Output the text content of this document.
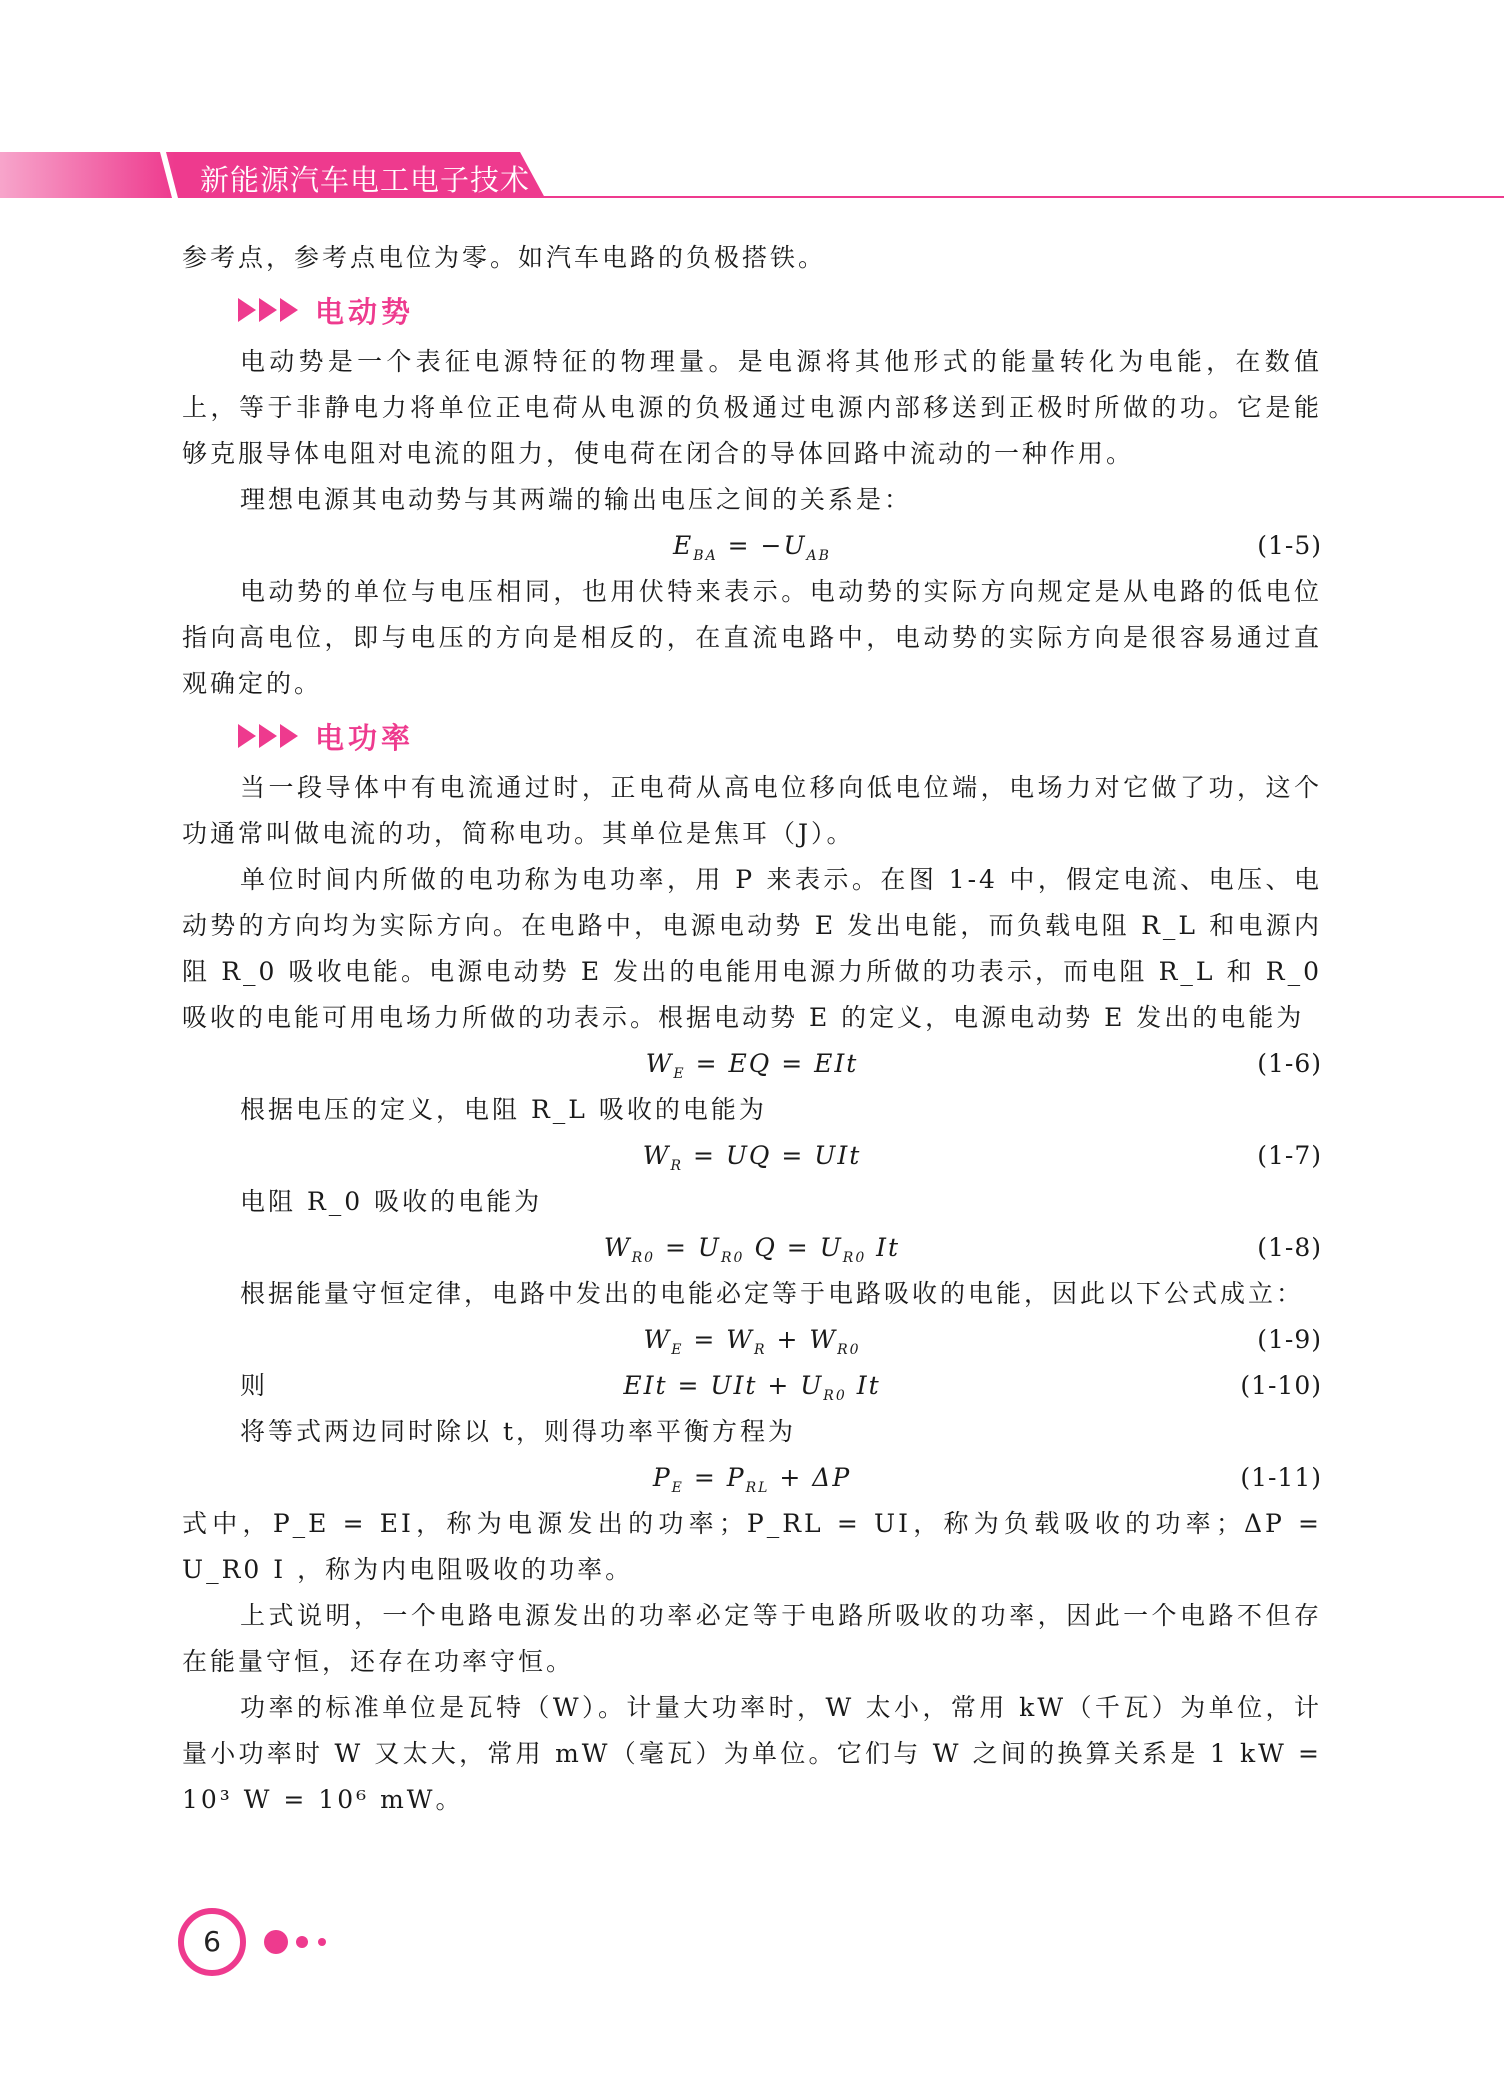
新能源汽车电工电子技术

参考点，参考点电位为零。如汽车电路的负极搭铁。

电动势

电动势是一个表征电源特征的物理量。是电源将其他形式的能量转化为电能，在数值上，等于非静电力将单位正电荷从电源的负极通过电源内部移送到正极时所做的功。它是能够克服导体电阻对电流的阻力，使电荷在闭合的导体回路中流动的一种作用。

理想电源其电动势与其两端的输出电压之间的关系是：

$E_{BA} = -U_{AB}$	(1-5)

电动势的单位与电压相同，也用伏特来表示。电动势的实际方向规定是从电路的低电位指向高电位，即与电压的方向是相反的，在直流电路中，电动势的实际方向是很容易通过直观确定的。

电功率

当一段导体中有电流通过时，正电荷从高电位移向低电位端，电场力对它做了功，这个功通常叫做电流的功，简称电功。其单位是焦耳（J）。

单位时间内所做的电功称为电功率，用 P 来表示。在图 1-4 中，假定电流、电压、电动势的方向均为实际方向。在电路中，电源电动势 E 发出电能，而负载电阻 R_L 和电源内阻 R_0 吸收电能。电源电动势 E 发出的电能用电源力所做的功表示，而电阻 R_L 和 R_0 吸收的电能可用电场力所做的功表示。根据电动势 E 的定义，电源电动势 E 发出的电能为

$W_E$ = EQ = EIt	(1-6)

根据电压的定义，电阻 R_L 吸收的电能为

$W_R$ = UQ = UIt	(1-7)

电阻 R_0 吸收的电能为

$W_{R0} = U_{R0}$ $Q = U_{R0}$ It	(1-8)

根据能量守恒定律，电路中发出的电能必定等于电路吸收的电能，因此以下公式成立：

$W_E = W_R + W_{R0}$	(1-9)
则	EIt = UIt + $U_{R0}$ It	(1-10)

将等式两边同时除以 t，则得功率平衡方程为

$P_E = P_{RL} + \Delta P$	(1-11)

式中，P_E = EI，称为电源发出的功率；P_RL = UI，称为负载吸收的功率；ΔP = U_R0 I ，称为内电阻吸收的功率。

上式说明，一个电路电源发出的功率必定等于电路所吸收的功率，因此一个电路不但存在能量守恒，还存在功率守恒。

功率的标准单位是瓦特（W）。计量大功率时，W 太小，常用 kW（千瓦）为单位，计量小功率时 W 又太大，常用 mW（毫瓦）为单位。它们与 W 之间的换算关系是 1 kW = 10³ W = 10⁶ mW。

6
